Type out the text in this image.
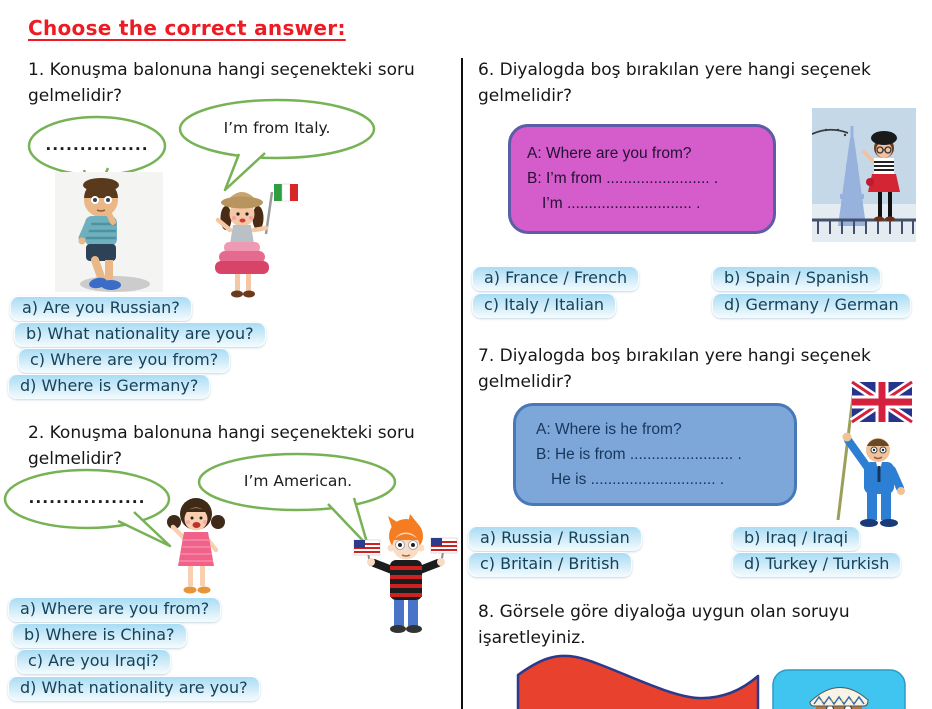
Choose the correct answer:
1. Konuşma balonuna hangi seçenekteki soru gelmelidir?
...............
I’m from Italy.
a) Are you Russian?
b) What nationality are you?
c) Where are you from?
d) Where is Germany?
2. Konuşma balonuna hangi seçenekteki soru gelmelidir?
.................
I’m American.
a) Where are you from?
b) Where is China?
c) Are you Iraqi?
d) What nationality are you?
6. Diyalogda boş bırakılan yere hangi seçenek gelmelidir?
A: Where are you from?
B: I’m from ........................ .
I’m ............................. .
a) France / French	b) Spain / Spanish
c) Italy / Italian	d) Germany / German
7. Diyalogda boş bırakılan yere hangi seçenek gelmelidir?
A: Where is he from?
B: He is from ........................ .
He is ............................. .
a) Russia / Russian	b) Iraq / Iraqi
c) Britain / British	d) Turkey / Turkish
8. Görsele göre diyaloğa uygun olan soruyu işaretleyiniz.
